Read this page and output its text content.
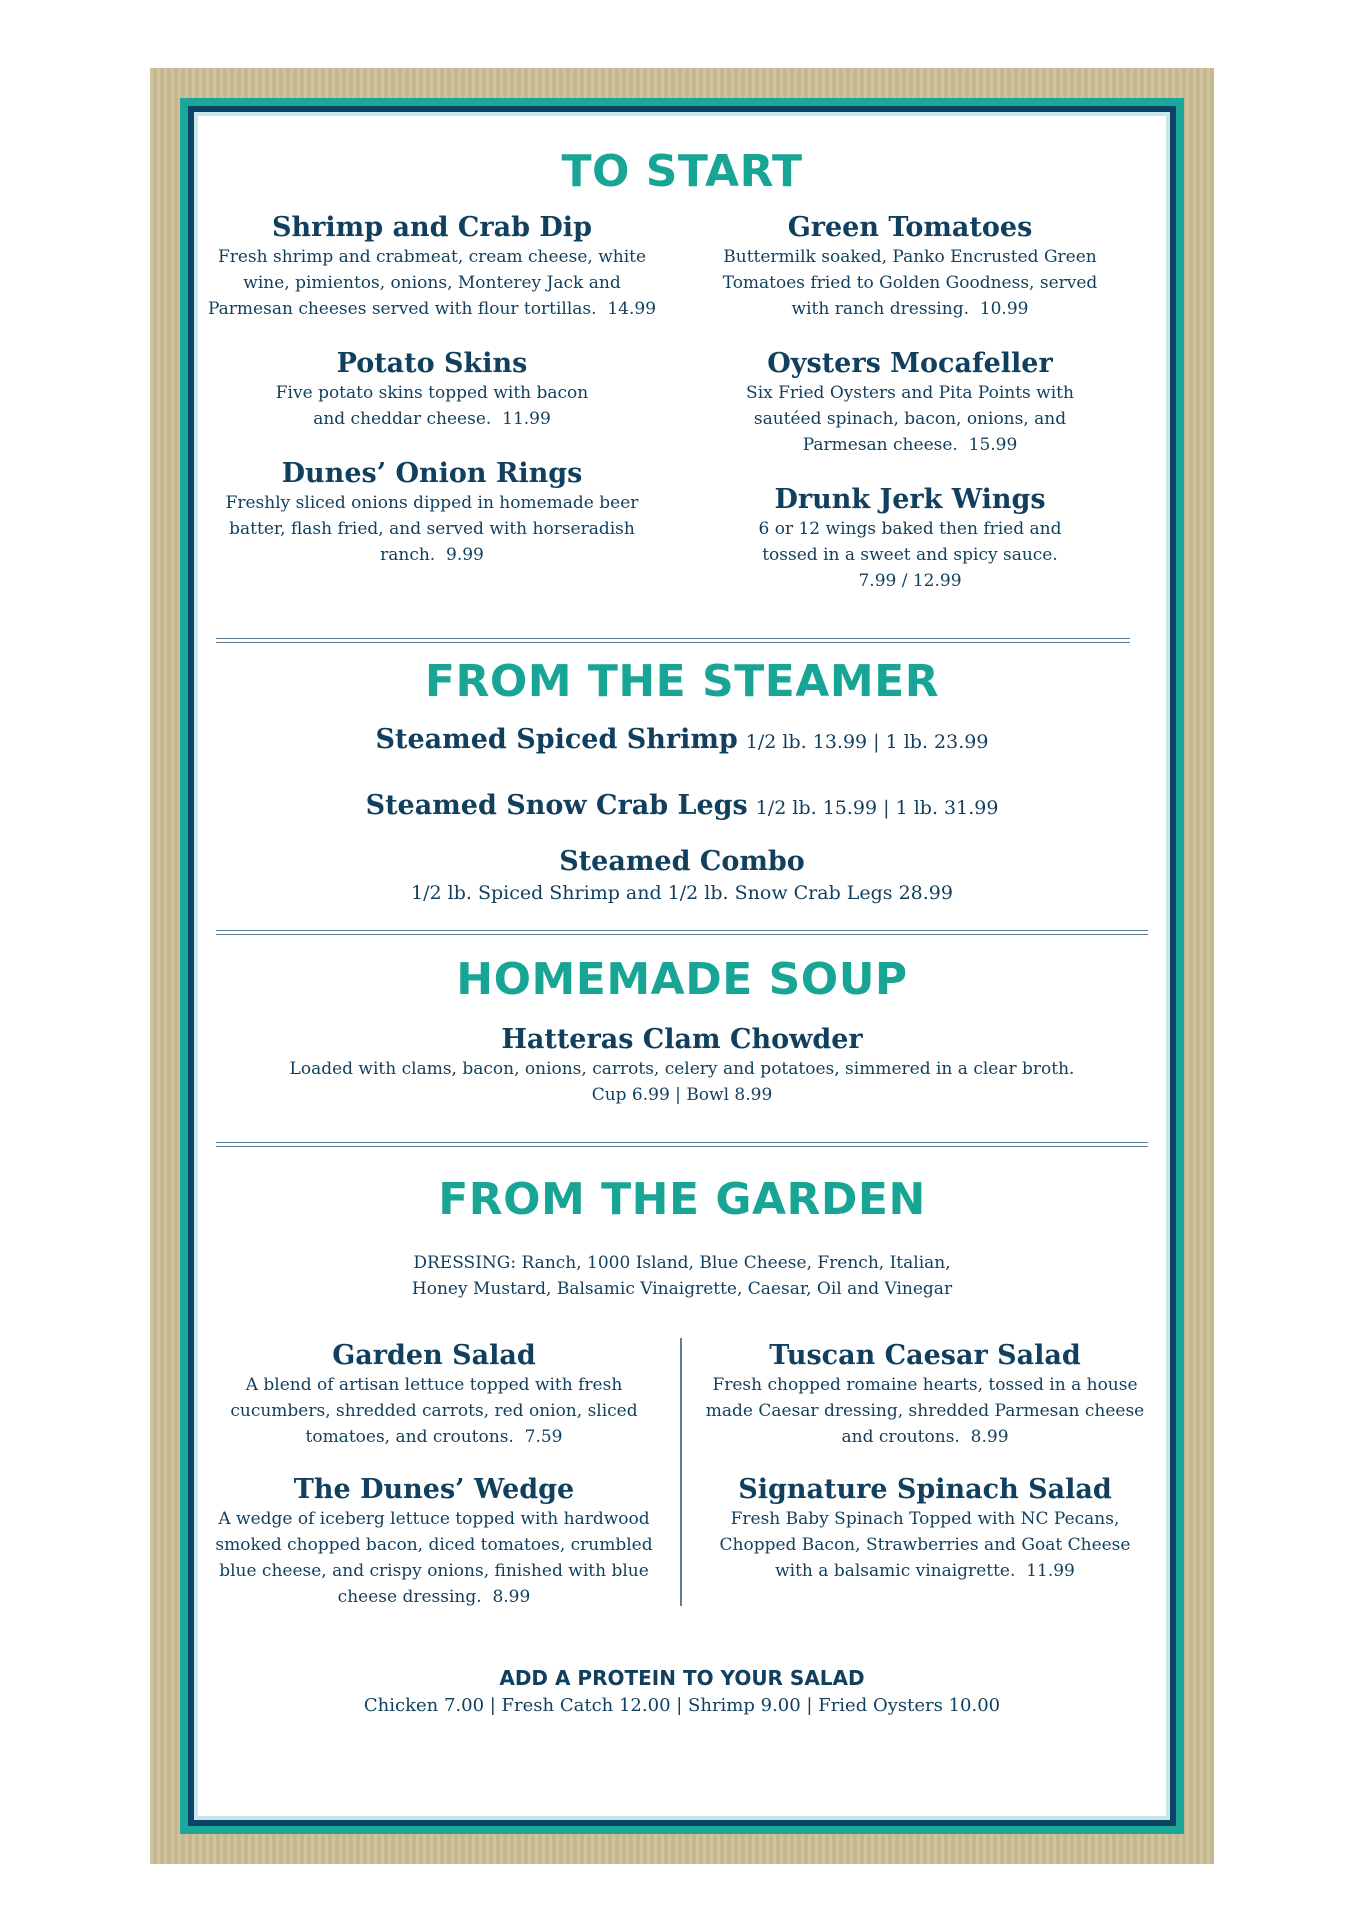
TO START
Shrimp and Crab Dip
Fresh shrimp and crabmeat, cream cheese, white wine, pimientos, onions, Monterey Jack and Parmesan cheeses served with flour tortillas. 14.99
Green Tomatoes
Buttermilk soaked, Panko Encrusted Green Tomatoes fried to Golden Goodness, served with ranch dressing. 10.99
Potato Skins
Five potato skins topped with bacon and cheddar cheese. 11.99
Oysters Mocafeller
Six Fried Oysters and Pita Points with sautéed spinach, bacon, onions, and Parmesan cheese. 15.99
Dunes’ Onion Rings
Freshly sliced onions dipped in homemade beer batter, flash fried, and served with horseradish ranch. 9.99
Drunk Jerk Wings
6 or 12 wings baked then fried and tossed in a sweet and spicy sauce. 7.99 / 12.99
FROM THE STEAMER
Steamed Spiced Shrimp 1/2 lb. 13.99 | 1 lb. 23.99
Steamed Snow Crab Legs 1/2 lb. 15.99 | 1 lb. 31.99
Steamed Combo
1/2 lb. Spiced Shrimp and 1/2 lb. Snow Crab Legs 28.99
HOMEMADE SOUP
Hatteras Clam Chowder
Loaded with clams, bacon, onions, carrots, celery and potatoes, simmered in a clear broth.
Cup 6.99 | Bowl 8.99
FROM THE GARDEN
DRESSING: Ranch, 1000 Island, Blue Cheese, French, Italian,
Honey Mustard, Balsamic Vinaigrette, Caesar, Oil and Vinegar
Garden Salad
A blend of artisan lettuce topped with fresh cucumbers, shredded carrots, red onion, sliced tomatoes, and croutons. 7.59
Tuscan Caesar Salad
Fresh chopped romaine hearts, tossed in a house made Caesar dressing, shredded Parmesan cheese and croutons. 8.99
The Dunes’ Wedge
A wedge of iceberg lettuce topped with hardwood smoked chopped bacon, diced tomatoes, crumbled blue cheese, and crispy onions, finished with blue cheese dressing. 8.99
Signature Spinach Salad
Fresh Baby Spinach Topped with NC Pecans, Chopped Bacon, Strawberries and Goat Cheese with a balsamic vinaigrette. 11.99
ADD A PROTEIN TO YOUR SALAD
Chicken 7.00 | Fresh Catch 12.00 | Shrimp 9.00 | Fried Oysters 10.00
